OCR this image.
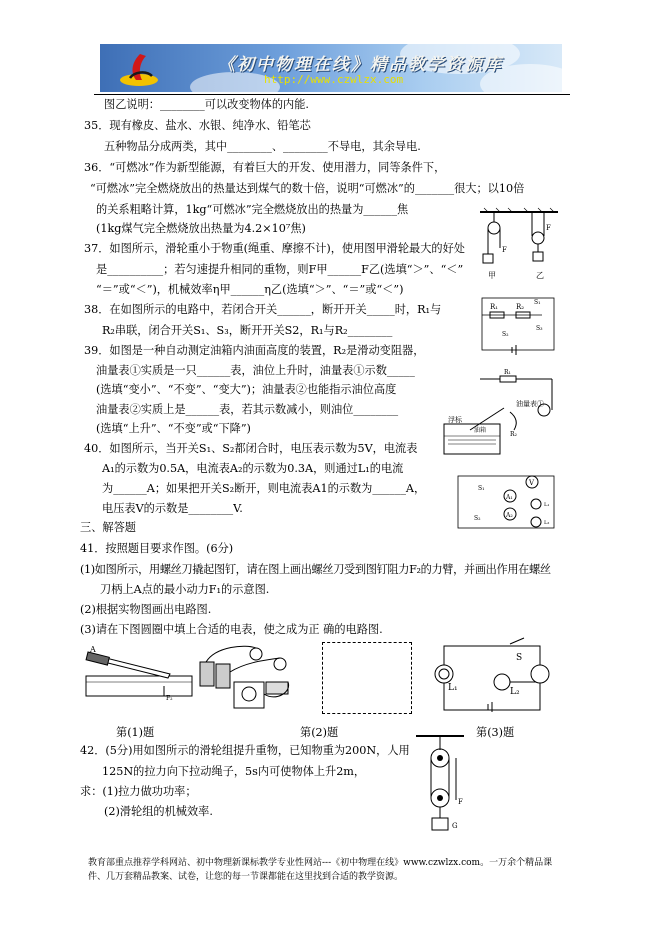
《初中物理在线》精品教学资源库
http://www.czwlzx.com
图乙说明：________可以改变物体的内能.
35．现有橡皮、盐水、水银、纯净水、铅笔芯
五种物品分成两类，其中________、________不导电，其余导电.
36．“可燃冰”作为新型能源，有着巨大的开发、使用潜力，同等条件下，
“可燃冰”完全燃烧放出的热量达到煤气的数十倍，说明“可燃冰”的_______很大；以10倍
的关系粗略计算，1kg“可燃冰”完全燃烧放出的热量为______焦
(1kg煤气完全燃烧放出热量为4.2×10⁷焦)
37．如图所示，滑轮重小于物重(绳重、摩擦不计)，使用图甲滑轮最大的好处
是__________；若匀速提升相同的重物，则F甲______F乙(选填“＞”、“＜”
“＝”或“＜”)，机械效率η甲______η乙(选填“＞”、“＝”或“＜”)
38．在如图所示的电路中，若闭合开关______，断开开关_____时，R₁与
R₂串联，闭合开关S₁、S₃，断开开关S2，R₁与R₂________
39．如图是一种自动测定油箱内油面高度的装置，R₂是滑动变阻器，
油量表①实质是一只______表，油位上升时，油量表①示数_____
(选填“变小”、“不变”、“变大”)；油量表②也能指示油位高度
油量表②实质上是______表，若其示数减小，则油位________
(选填“上升”、“不变”或“下降”)
40．如图所示，当开关S₁、S₂都闭合时，电压表示数为5V，电流表
A₁的示数为0.5A，电流表A₂的示数为0.3A，则通过L₁的电流
为______A；如果把开关S₂断开，则电流表A1的示数为______A，
电压表V的示数是________V.
三、解答题
41．按照题目要求作图。(6分)
(1)如图所示，用螺丝刀撬起图钉，请在图上画出螺丝刀受到图钉阻力F₂的力臂，并画出作用在螺丝
刀柄上A点的最小动力F₁的示意图.
(2)根据实物图画出电路图.
(3)请在下图圆圈中填上合适的电表，使之成为正 确的电路图.
42．(5分)用如图所示的滑轮组提升重物，已知物重为200N，人用
125N的拉力向下拉动绳子，5s内可使物体上升2m，
求：(1)拉力做功功率；
(2)滑轮组的机械效率.
F
F
甲	乙
R₁	R₂
S₁
S₃
S₂
R₁
油量表①
R₂
浮标
油箱
V
A₁
A₂
S₁
S₂
L₁
L₂
A
F₂
第(1)题	第(2)题
L₁	L₂
S
第(3)题
F
G

教育部重点推荐学科网站、初中物理新课标教学专业性网站---《初中物理在线》www.czwlzx.com。一万余个精品课

件、几万套精品教案、试卷，让您的每一节课都能在这里找到合适的教学资源。
